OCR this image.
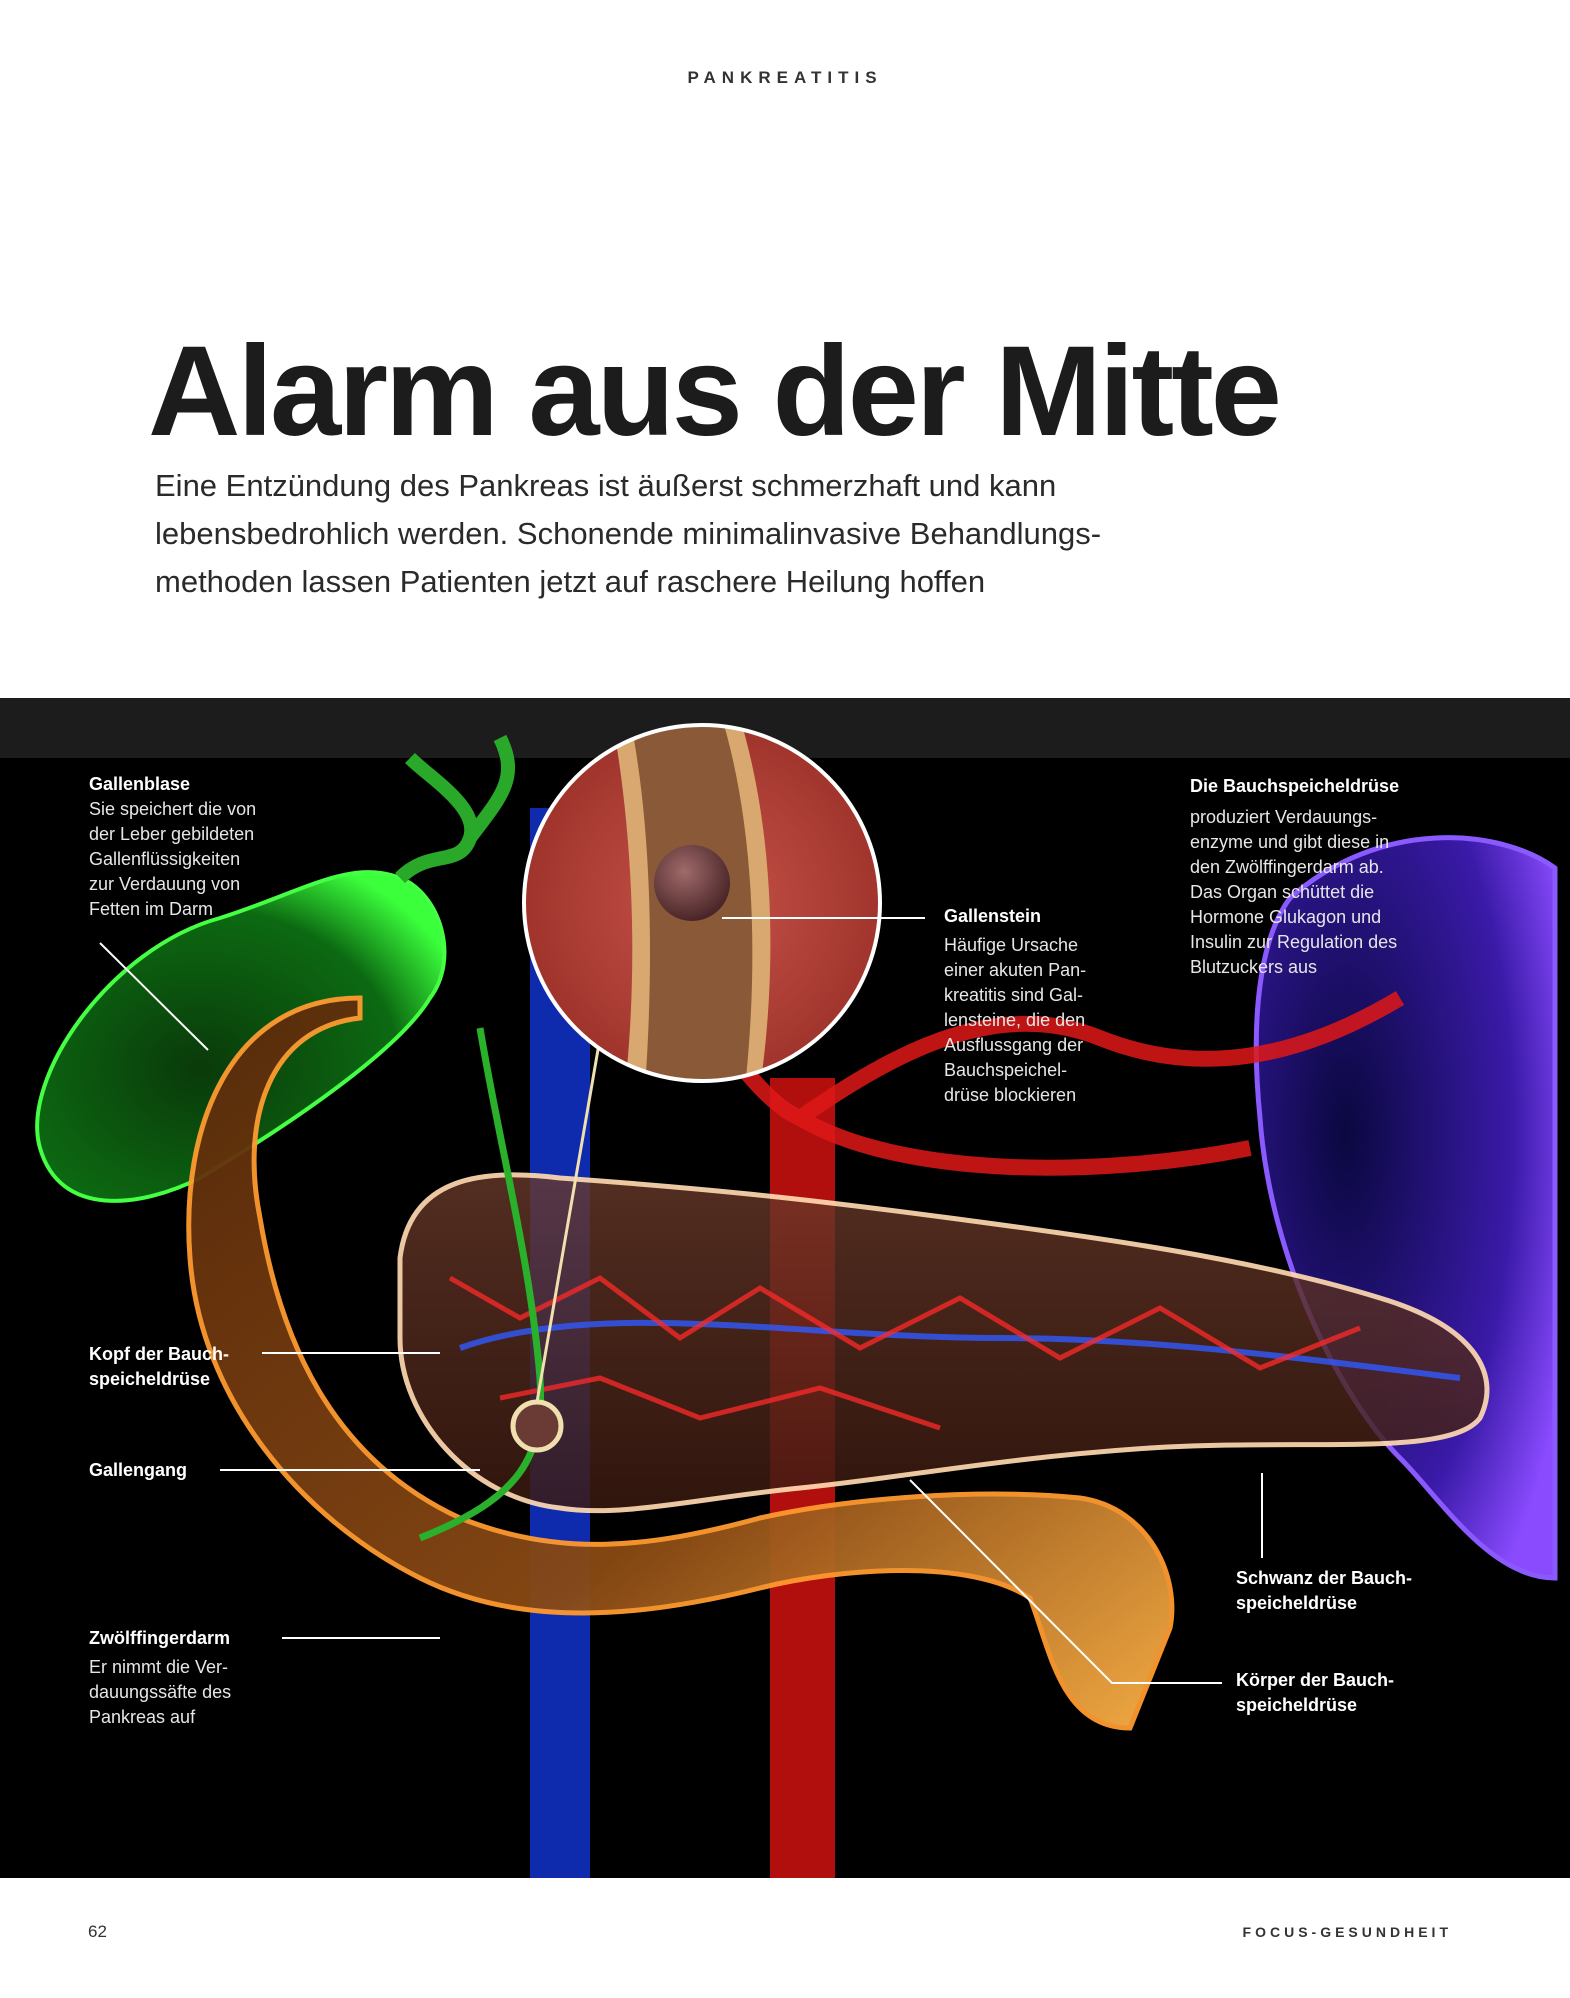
PANKREATITIS
Alarm aus der Mitte

Eine Entzündung des Pankreas ist äußerst schmerzhaft und kann
lebensbedrohlich werden. Schonende minimalinvasive Behandlungs-
methoden lassen Patienten jetzt auf raschere Heilung hoffen

Gallenblase
Sie speichert die von
der Leber gebildeten
Gallenflüssigkeiten
zur Verdauung von
Fetten im Darm
Die Bauchspeicheldrüse
produziert Verdauungs-
enzyme und gibt diese in
den Zwölffingerdarm ab.
Das Organ schüttet die
Hormone Glukagon und
Insulin zur Regulation des
Blutzuckers aus
Gallenstein
Häufige Ursache
einer akuten Pan-
kreatitis sind Gal-
lensteine, die den
Ausflussgang der
Bauchspeichel-
drüse blockieren
Kopf der Bauch-
speicheldrüse
Gallengang
Zwölffingerdarm
Er nimmt die Ver-
dauungssäfte des
Pankreas auf
Schwanz der Bauch-
speicheldrüse
Körper der Bauch-
speicheldrüse
62	FOCUS-GESUNDHEIT
